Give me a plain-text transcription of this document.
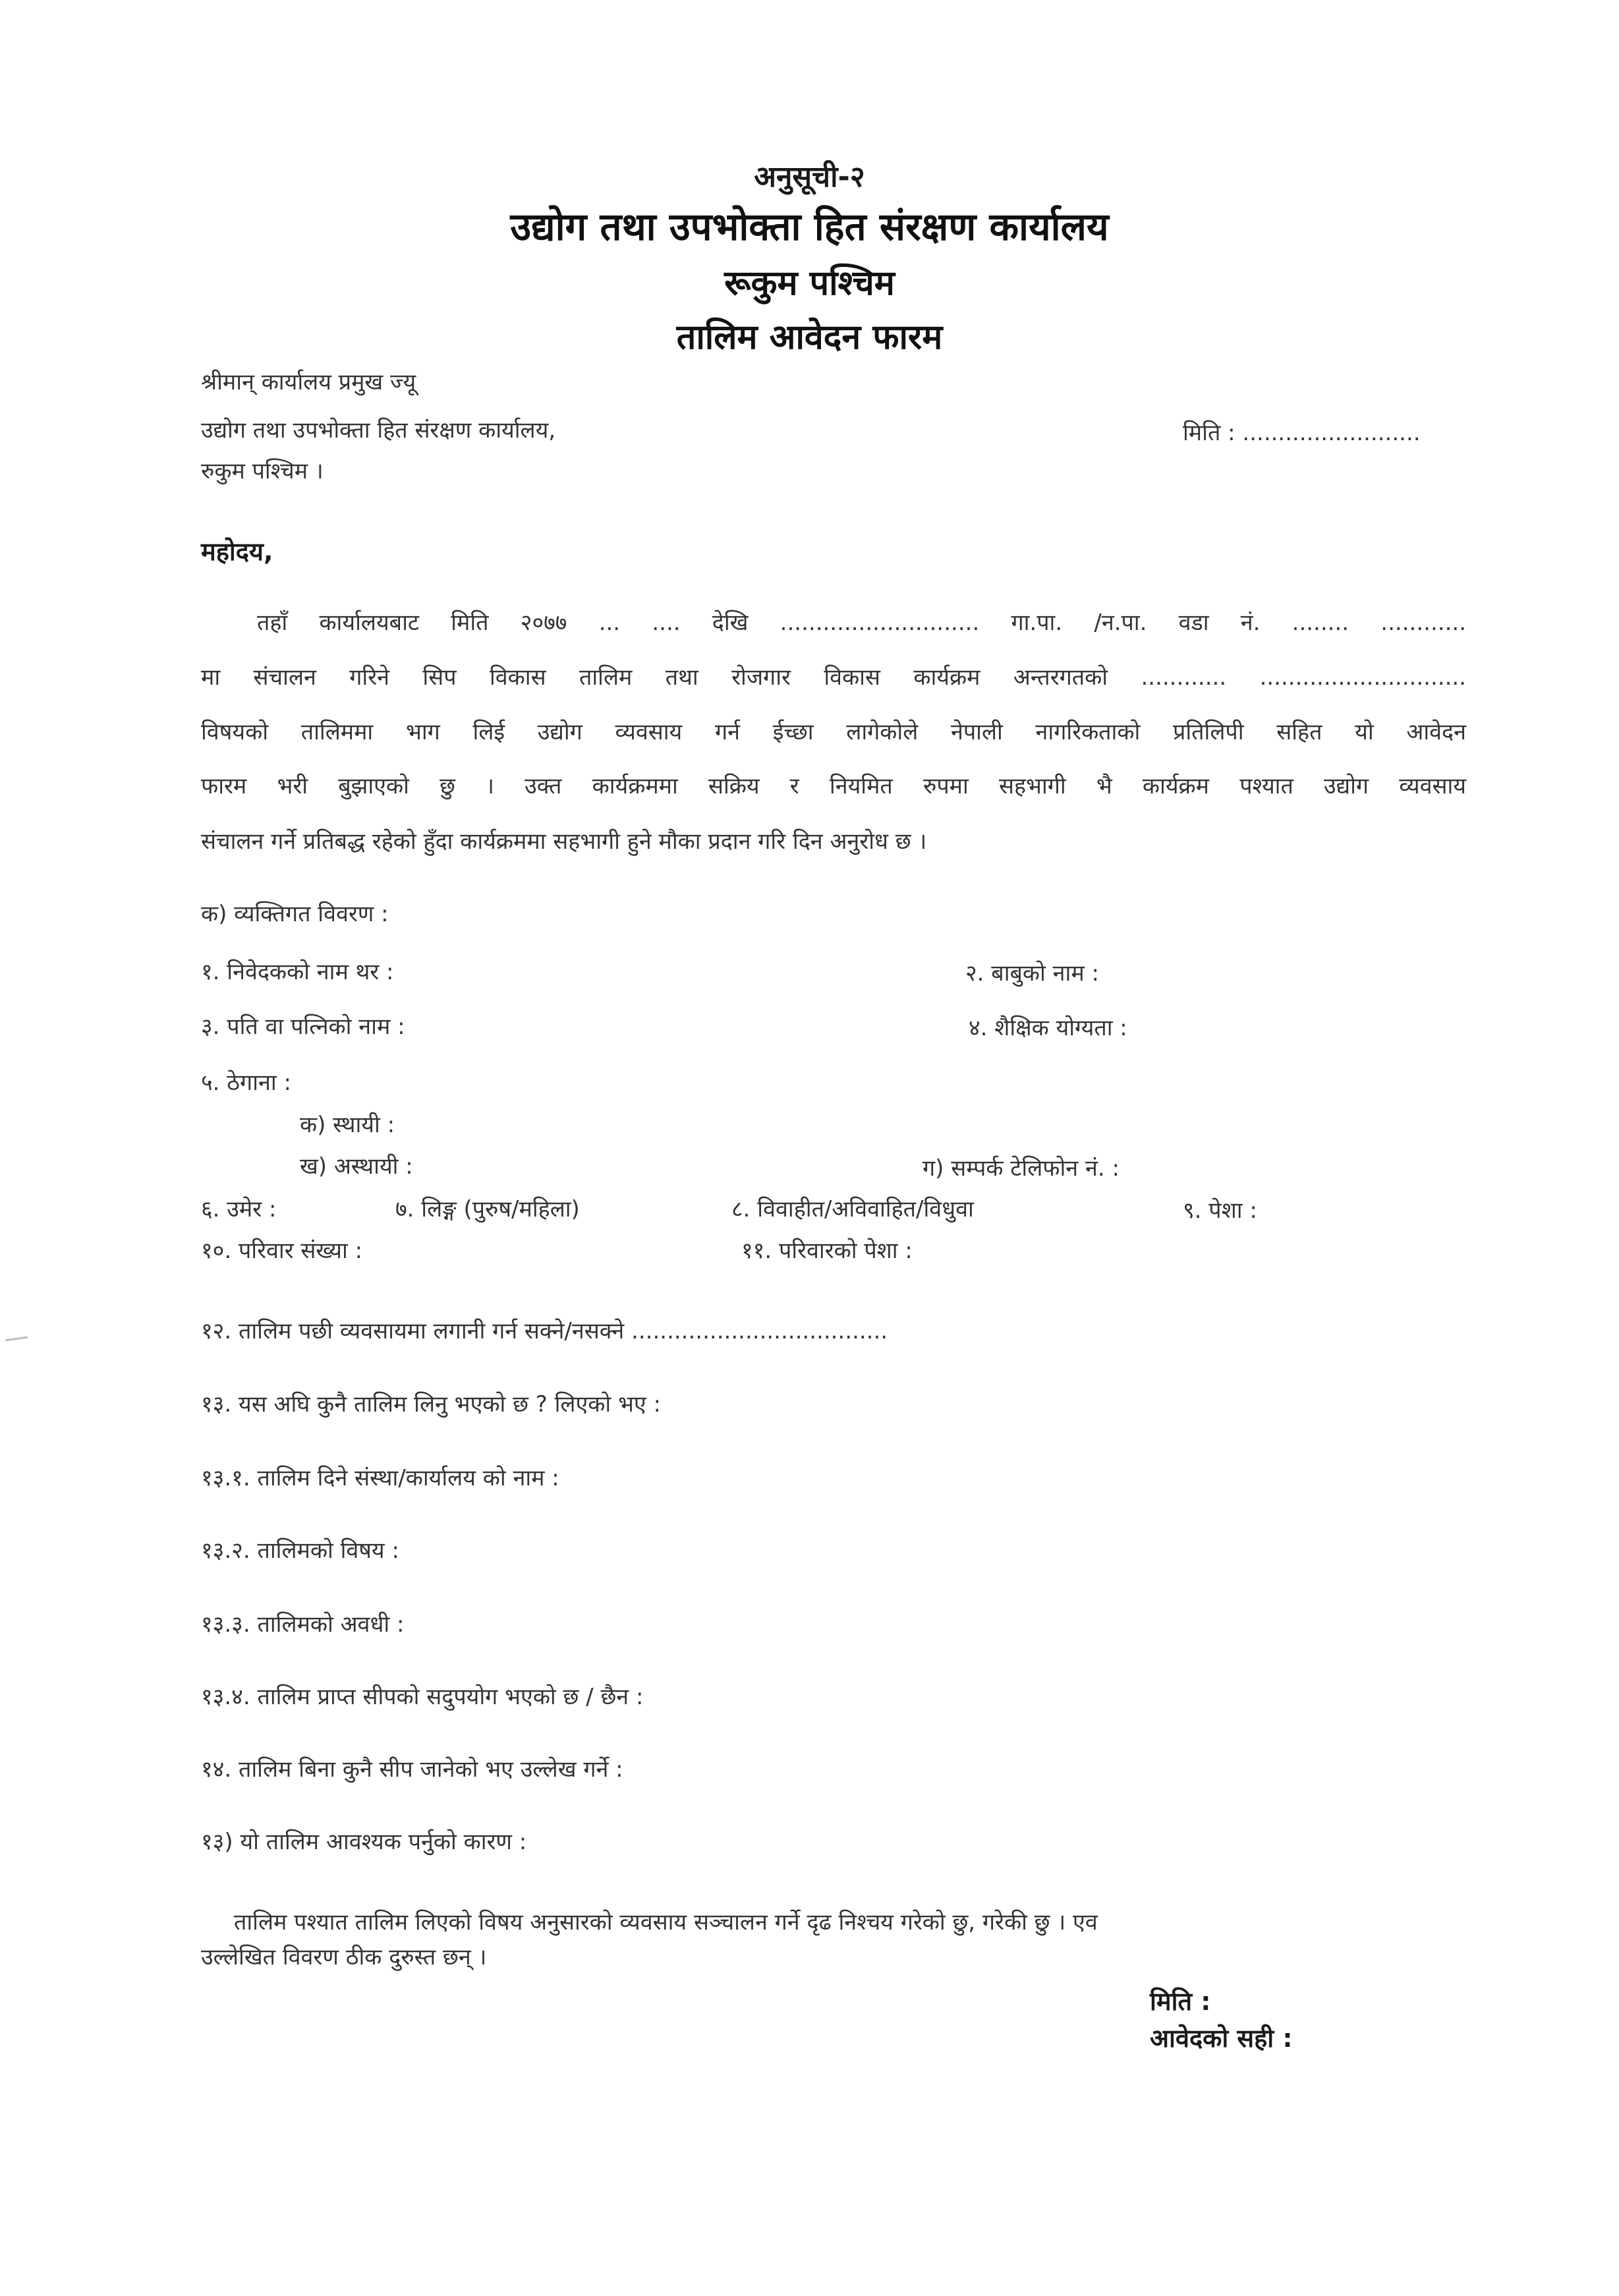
अनुसूची-२
उद्योग तथा उपभोक्ता हित संरक्षण कार्यालय
रूकुम पश्चिम
तालिम आवेदन फारम
श्रीमान् कार्यालय प्रमुख ज्यू
उद्योग तथा उपभोक्ता हित संरक्षण कार्यालय,	मिति : .........................
रुकुम पश्चिम ।
महोदय,
तहाँ कार्यालयबाट मिति २०७७ ... .... देखि ............................ गा.पा. /न.पा. वडा नं. ........ ............
मा संचालन गरिने सिप विकास तालिम तथा रोजगार विकास कार्यक्रम अन्तरगतको ............ .............................
विषयको तालिममा भाग लिई उद्योग व्यवसाय गर्न ईच्छा लागेकोले नेपाली नागरिकताको प्रतिलिपी सहित यो आवेदन
फारम भरी बुझाएको छु । उक्त कार्यक्रममा सक्रिय र नियमित रुपमा सहभागी भै कार्यक्रम पश्यात उद्योग व्यवसाय
संचालन गर्ने प्रतिबद्ध रहेको हुँदा कार्यक्रममा सहभागी हुने मौका प्रदान गरि दिन अनुरोध छ ।
क) व्यक्तिगत विवरण :
१. निवेदकको नाम थर :	२. बाबुको नाम :
३. पति वा पत्निको नाम :	४. शैक्षिक योग्यता :
५. ठेगाना :
क) स्थायी :
ख) अस्थायी :	ग) सम्पर्क टेलिफोन नं. :
६. उमेर :	७. लिङ्ग (पुरुष/महिला)	८. विवाहीत/अविवाहित/विधुवा	९. पेशा :
१०. परिवार संख्या :	११. परिवारको पेशा :
१२. तालिम पछी व्यवसायमा लगानी गर्न सक्ने/नसक्ने ....................................
१३. यस अघि कुनै तालिम लिनु भएको छ ? लिएको भए :
१३.१. तालिम दिने संस्था/कार्यालय को नाम :
१३.२. तालिमको विषय :
१३.३. तालिमको अवधी :
१३.४. तालिम प्राप्त सीपको सदुपयोग भएको छ / छैन :
१४. तालिम बिना कुनै सीप जानेको भए उल्लेख गर्ने :
१३) यो तालिम आवश्यक पर्नुको कारण :
तालिम पश्यात तालिम लिएको विषय अनुसारको व्यवसाय सञ्चालन गर्ने दृढ निश्चय गरेको छु, गरेकी छु । एव
उल्लेखित विवरण ठीक दुरुस्त छन् ।
मिति :
आवेदको सही :
